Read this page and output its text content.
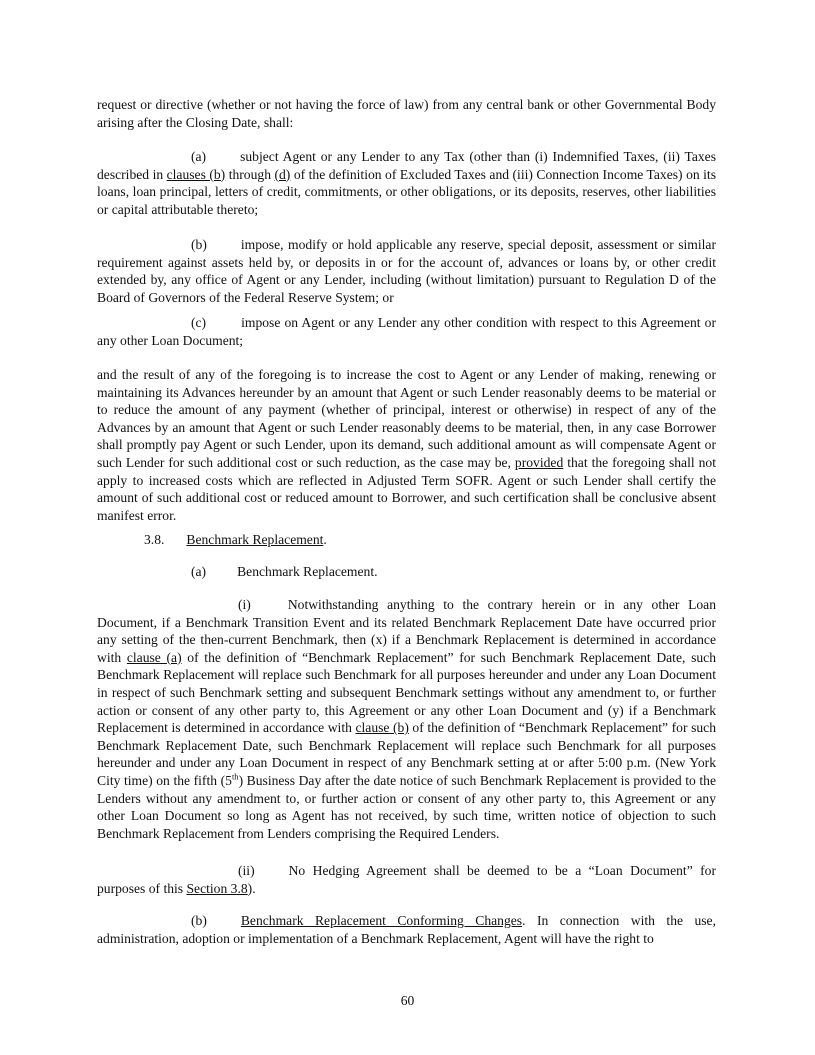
request or directive (whether or not having the force of law) from any central bank or other Governmental Body arising after the Closing Date, shall:

(a)	subject Agent or any Lender to any Tax (other than (i) Indemnified Taxes, (ii) Taxes described in clauses (b) through (d) of the definition of Excluded Taxes and (iii) Connection Income Taxes) on its loans, loan principal, letters of credit, commitments, or other obligations, or its deposits, reserves, other liabilities or capital attributable thereto;

(b)	impose, modify or hold applicable any reserve, special deposit, assessment or similar requirement against assets held by, or deposits in or for the account of, advances or loans by, or other credit extended by, any office of Agent or any Lender, including (without limitation) pursuant to Regulation D of the Board of Governors of the Federal Reserve System; or

(c)	impose on Agent or any Lender any other condition with respect to this Agreement or any other Loan Document;

and the result of any of the foregoing is to increase the cost to Agent or any Lender of making, renewing or maintaining its Advances hereunder by an amount that Agent or such Lender reasonably deems to be material or to reduce the amount of any payment (whether of principal, interest or otherwise) in respect of any of the Advances by an amount that Agent or such Lender reasonably deems to be material, then, in any case Borrower shall promptly pay Agent or such Lender, upon its demand, such additional amount as will compensate Agent or such Lender for such additional cost or such reduction, as the case may be, provided that the foregoing shall not apply to increased costs which are reflected in Adjusted Term SOFR. Agent or such Lender shall certify the amount of such additional cost or reduced amount to Borrower, and such certification shall be conclusive absent manifest error.

3.8. Benchmark Replacement.

(a) Benchmark Replacement.

(i)	Notwithstanding anything to the contrary herein or in any other Loan Document, if a Benchmark Transition Event and its related Benchmark Replacement Date have occurred prior any setting of the then-current Benchmark, then (x) if a Benchmark Replacement is determined in accordance with clause (a) of the definition of “Benchmark Replacement” for such Benchmark Replacement Date, such Benchmark Replacement will replace such Benchmark for all purposes hereunder and under any Loan Document in respect of such Benchmark setting and subsequent Benchmark settings without any amendment to, or further action or consent of any other party to, this Agreement or any other Loan Document and (y) if a Benchmark Replacement is determined in accordance with clause (b) of the definition of “Benchmark Replacement” for such Benchmark Replacement Date, such Benchmark Replacement will replace such Benchmark for all purposes hereunder and under any Loan Document in respect of any Benchmark setting at or after 5:00 p.m. (New York City time) on the fifth (5th) Business Day after the date notice of such Benchmark Replacement is provided to the Lenders without any amendment to, or further action or consent of any other party to, this Agreement or any other Loan Document so long as Agent has not received, by such time, written notice of objection to such Benchmark Replacement from Lenders comprising the Required Lenders.

(ii)	No Hedging Agreement shall be deemed to be a “Loan Document” for purposes of this Section 3.8).

(b)	Benchmark Replacement Conforming Changes. In connection with the use, administration, adoption or implementation of a Benchmark Replacement, Agent will have the right to

60
